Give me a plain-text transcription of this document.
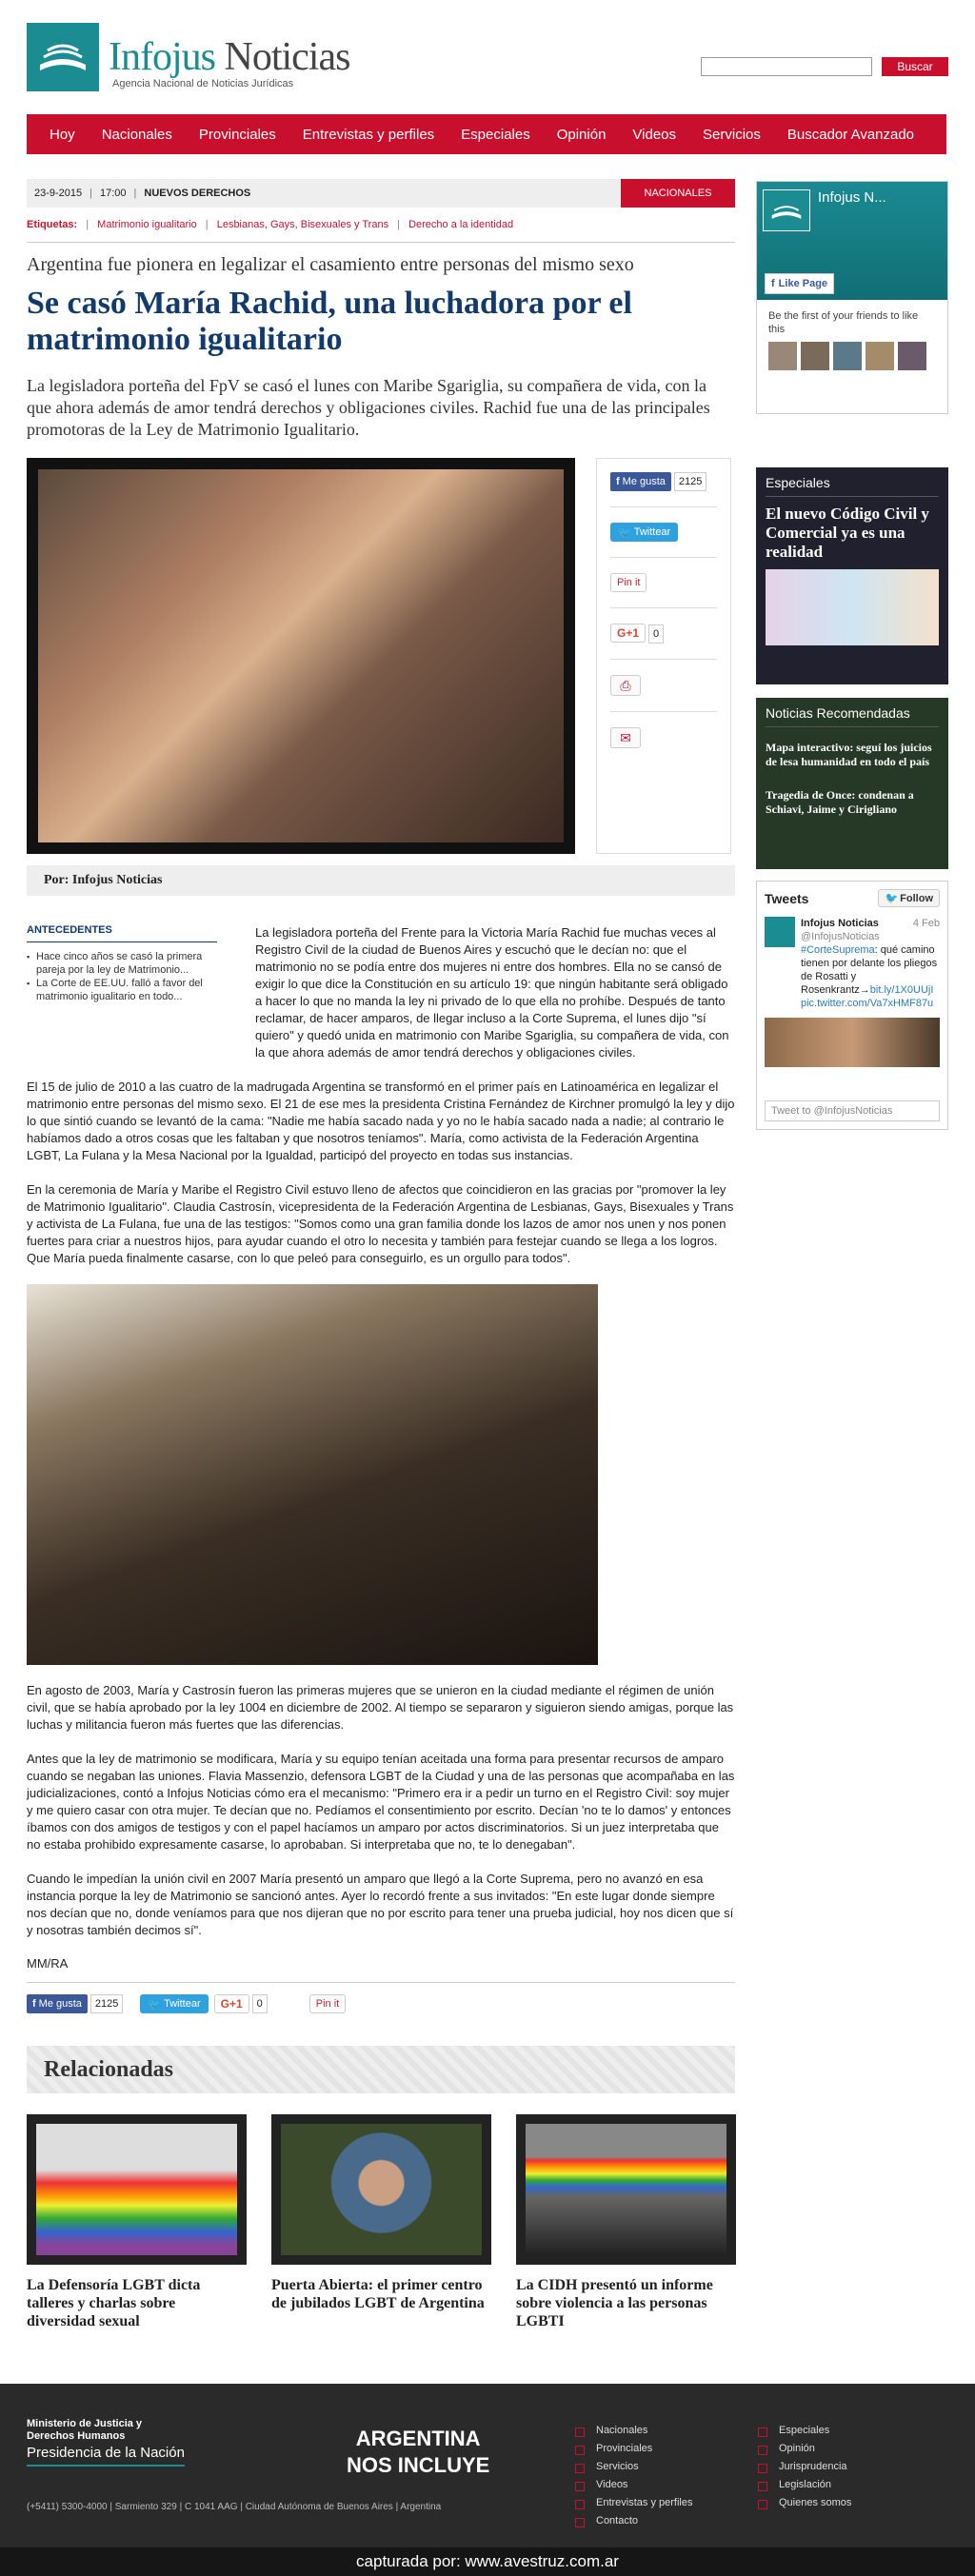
Infojus Noticias
Agencia Nacional de Noticias Jurídicas
Buscar
Hoy	Nacionales	Provinciales	Entrevistas y perfiles	Especiales	Opinión	Videos	Servicios	Buscador Avanzado
23-9-2015 | 17:00 | NUEVOS DERECHOS	NACIONALES
Etiquetas: | Matrimonio igualitario | Lesbianas, Gays, Bisexuales y Trans | Derecho a la identidad
Argentina fue pionera en legalizar el casamiento entre personas del mismo sexo
Se casó María Rachid, una luchadora por el matrimonio igualitario
La legisladora porteña del FpV se casó el lunes con Maribe Sgariglia, su compañera de vida, con la que ahora además de amor tendrá derechos y obligaciones civiles. Rachid fue una de las principales promotoras de la Ley de Matrimonio Igualitario.
f Me gusta 2125
🐦 Twittear
Pin it
G+1 0
⎙
✉
Por: Infojus Noticias
ANTECEDENTES
▪ Hace cinco años se casó la primera pareja por la ley de Matrimonio...
▪ La Corte de EE.UU. falló a favor del matrimonio igualitario en todo...

La legisladora porteña del Frente para la Victoria María Rachid fue muchas veces al Registro Civil de la ciudad de Buenos Aires y escuchó que le decían no: que el matrimonio no se podía entre dos mujeres ni entre dos hombres. Ella no se cansó de exigir lo que dice la Constitución en su artículo 19: que ningún habitante será obligado a hacer lo que no manda la ley ni privado de lo que ella no prohíbe. Después de tanto reclamar, de hacer amparos, de llegar incluso a la Corte Suprema, el lunes dijo "sí quiero" y quedó unida en matrimonio con Maribe Sgariglia, su compañera de vida, con la que ahora además de amor tendrá derechos y obligaciones civiles.

El 15 de julio de 2010 a las cuatro de la madrugada Argentina se transformó en el primer país en Latinoamérica en legalizar el matrimonio entre personas del mismo sexo. El 21 de ese mes la presidenta Cristina Fernández de Kirchner promulgó la ley y dijo lo que sintió cuando se levantó de la cama: "Nadie me había sacado nada y yo no le había sacado nada a nadie; al contrario le habíamos dado a otros cosas que les faltaban y que nosotros teníamos". María, como activista de la Federación Argentina LGBT, La Fulana y la Mesa Nacional por la Igualdad, participó del proyecto en todas sus instancias.

En la ceremonia de María y Maribe el Registro Civil estuvo lleno de afectos que coincidieron en las gracias por "promover la ley de Matrimonio Igualitario". Claudia Castrosín, vicepresidenta de la Federación Argentina de Lesbianas, Gays, Bisexuales y Trans y activista de La Fulana, fue una de las testigos: "Somos como una gran familia donde los lazos de amor nos unen y nos ponen fuertes para criar a nuestros hijos, para ayudar cuando el otro lo necesita y también para festejar cuando se llega a los logros. Que María pueda finalmente casarse, con lo que peleó para conseguirlo, es un orgullo para todos".

En agosto de 2003, María y Castrosín fueron las primeras mujeres que se unieron en la ciudad mediante el régimen de unión civil, que se había aprobado por la ley 1004 en diciembre de 2002. Al tiempo se separaron y siguieron siendo amigas, porque las luchas y militancia fueron más fuertes que las diferencias.

Antes que la ley de matrimonio se modificara, María y su equipo tenían aceitada una forma para presentar recursos de amparo cuando se negaban las uniones. Flavia Massenzio, defensora LGBT de la Ciudad y una de las personas que acompañaba en las judicializaciones, contó a Infojus Noticias cómo era el mecanismo: "Primero era ir a pedir un turno en el Registro Civil: soy mujer y me quiero casar con otra mujer. Te decían que no. Pedíamos el consentimiento por escrito. Decían 'no te lo damos' y entonces íbamos con dos amigos de testigos y con el papel hacíamos un amparo por actos discriminatorios. Si un juez interpretaba que no estaba prohibido expresamente casarse, lo aprobaban. Si interpretaba que no, te lo denegaban".

Cuando le impedían la unión civil en 2007 María presentó un amparo que llegó a la Corte Suprema, pero no avanzó en esa instancia porque la ley de Matrimonio se sancionó antes. Ayer lo recordó frente a sus invitados: "En este lugar donde siempre nos decían que no, donde veníamos para que nos dijeran que no por escrito para tener una prueba judicial, hoy nos dicen que sí y nosotras también decimos sí".

MM/RA
f Me gusta	2125	🐦 Twittear	G+1	0	Pin it
Relacionadas
La Defensoría LGBT dicta talleres y charlas sobre diversidad sexual
Puerta Abierta: el primer centro de jubilados LGBT de Argentina
La CIDH presentó un informe sobre violencia a las personas LGBTI
Infojus N...
f Like Page
Be the first of your friends to like this
Especiales
El nuevo Código Civil y Comercial ya es una realidad
Noticias Recomendadas
Mapa interactivo: seguí los juicios de lesa humanidad en todo el país
Tragedia de Once: condenan a Schiavi, Jaime y Cirigliano
Tweets	🐦 Follow
Infojus Noticias	4 Feb

@InfojusNoticias
#CorteSuprema: qué camino tienen por delante los pliegos de Rosatti y Rosenkrantz→bit.ly/1X0UUjI
pic.twitter.com/Va7xHMF87u
Tweet to @InfojusNoticias
Ministerio de Justicia y Derechos Humanos
Presidencia de la Nación
(+5411) 5300-4000 | Sarmiento 329 | C 1041 AAG | Ciudad Autónoma de Buenos Aires | Argentina
ARGENTINA
NOS INCLUYE
Nacionales
Provinciales
Servicios
Videos
Entrevistas y perfiles
Contacto
Especiales
Opinión
Jurisprudencia
Legislación
Quienes somos
capturada por: www.avestruz.com.ar
